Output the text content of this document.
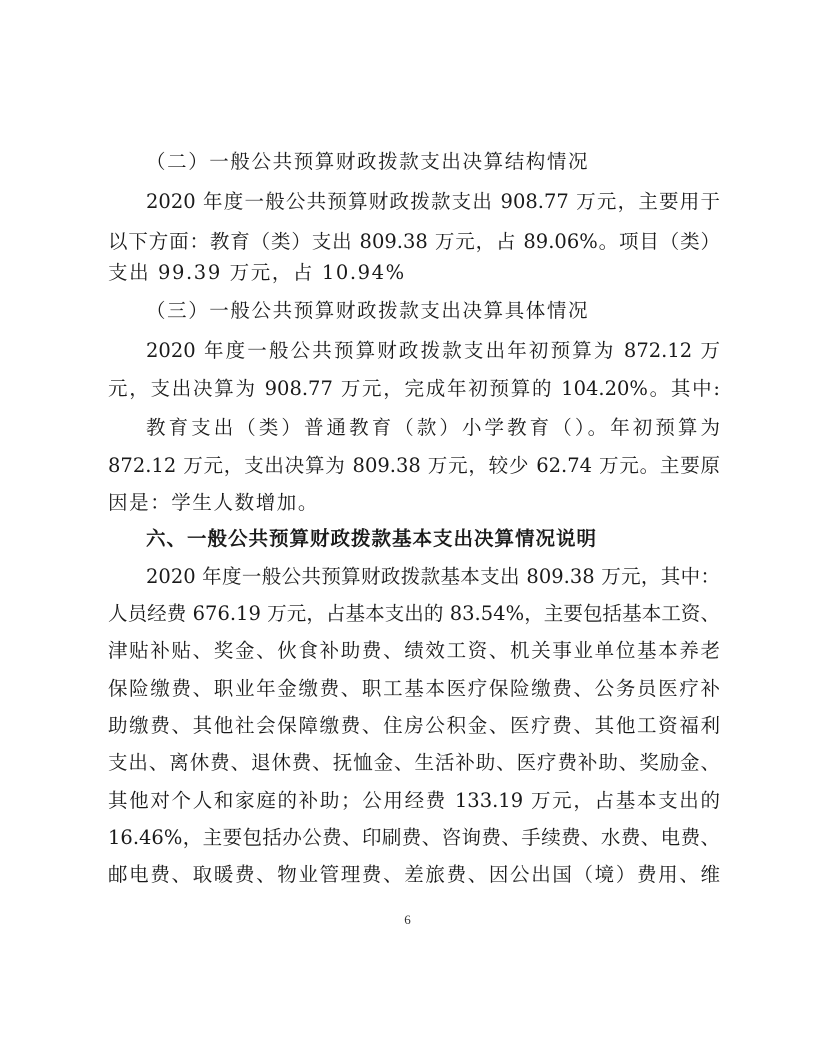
（二）一般公共预算财政拨款支出决算结构情况
2020 年度一般公共预算财政拨款支出 908.77 万元，主要用于
以下方面：教育（类）支出 809.38 万元，占 89.06%。项目（类）
支出 99.39 万元，占 10.94%
（三）一般公共预算财政拨款支出决算具体情况
2020 年度一般公共预算财政拨款支出年初预算为 872.12 万
元，支出决算为 908.77 万元，完成年初预算的 104.20%。其中:
教育支出（类）普通教育（款）小学教育（）。年初预算为
872.12 万元，支出决算为 809.38 万元，较少 62.74 万元。主要原
因是：学生人数增加。
六、一般公共预算财政拨款基本支出决算情况说明
2020 年度一般公共预算财政拨款基本支出 809.38 万元，其中：
人员经费 676.19 万元，占基本支出的 83.54%，主要包括基本工资、
津贴补贴、奖金、伙食补助费、绩效工资、机关事业单位基本养老
保险缴费、职业年金缴费、职工基本医疗保险缴费、公务员医疗补
助缴费、其他社会保障缴费、住房公积金、医疗费、其他工资福利
支出、离休费、退休费、抚恤金、生活补助、医疗费补助、奖励金、
其他对个人和家庭的补助；公用经费 133.19 万元，占基本支出的
16.46%，主要包括办公费、印刷费、咨询费、手续费、水费、电费、
邮电费、取暖费、物业管理费、差旅费、因公出国（境）费用、维
6
